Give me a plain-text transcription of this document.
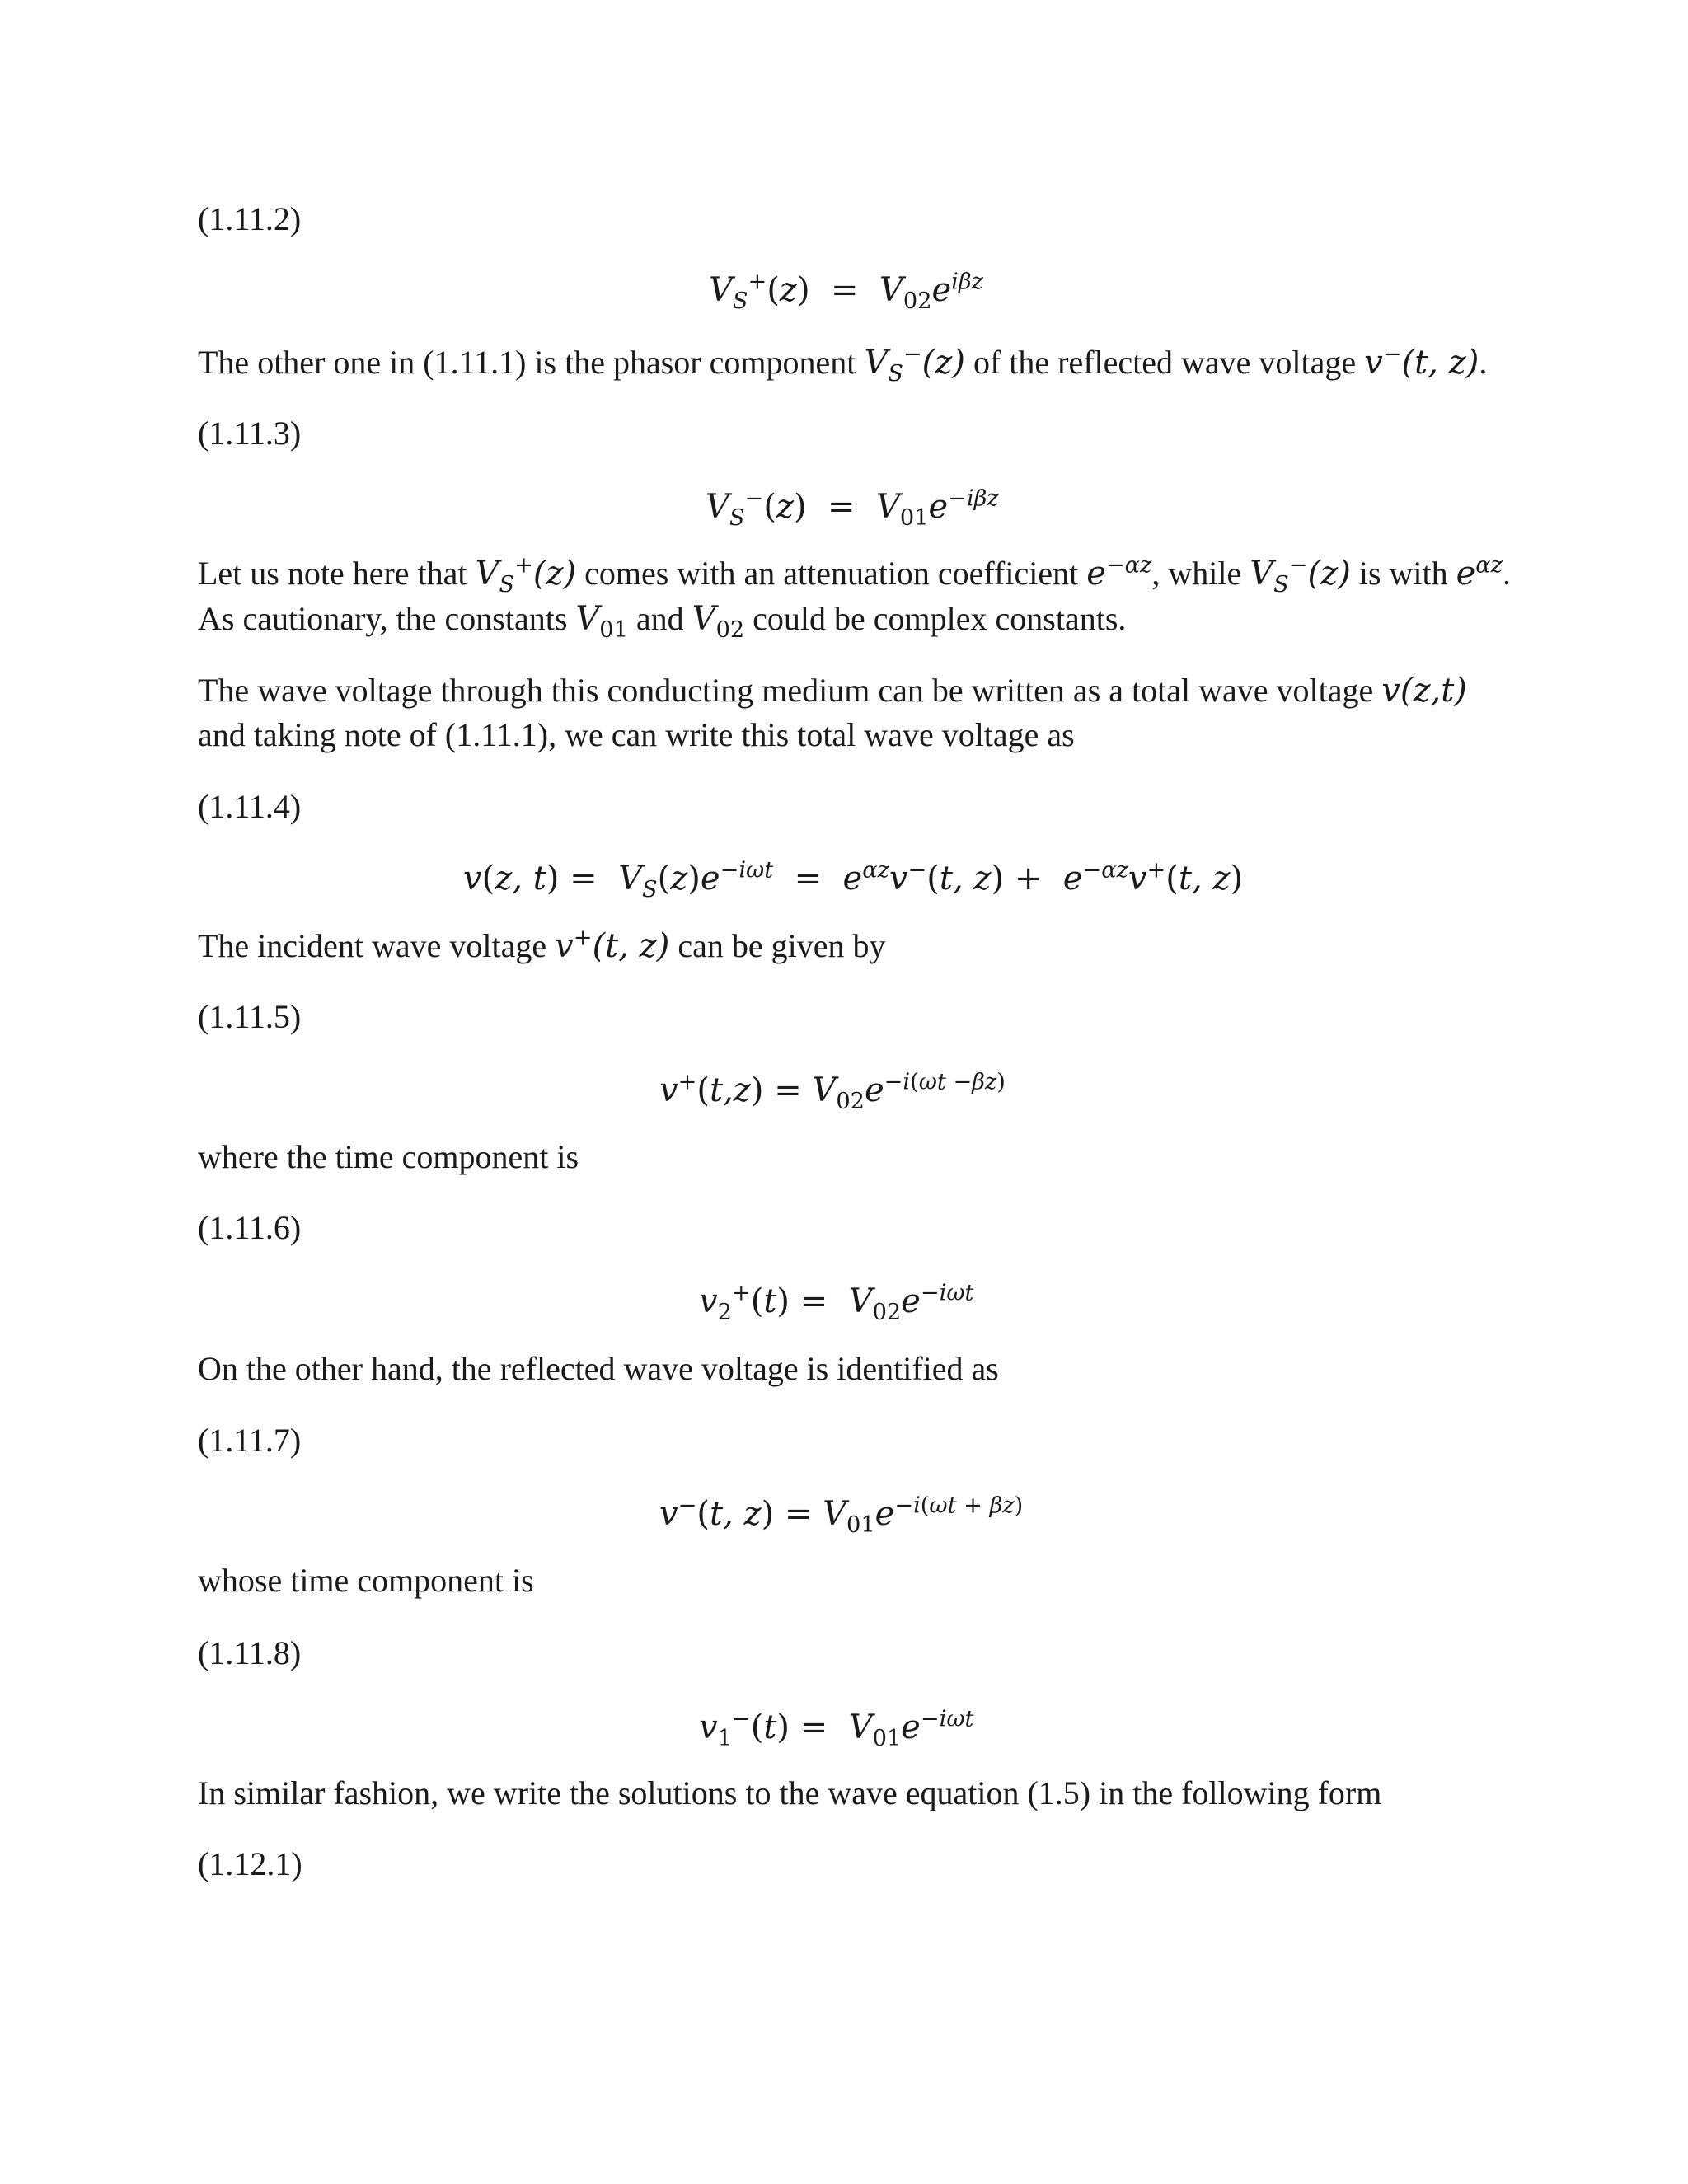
(1.11.2)
$V_S^+(z) = V_{02}e^{i\beta z}$
The other one in (1.11.1) is the phasor component $V_S^-(z)$ of the reflected wave voltage v−(t, z).
(1.11.3)
$V_S^-(z) = V_{01}e^{-i\beta z}$
Let us note here that $V_S^+(z)$ comes with an attenuation coefficient $e^{-\alpha z}$, while $V_S^-(z)$ is with $e^{\alpha z}$.
As cautionary, the constants $V_{01}$ and $V_{02}$ could be complex constants.
The wave voltage through this conducting medium can be written as a total wave voltage v(z,t)
and taking note of (1.11.1), we can write this total wave voltage as
(1.11.4)
v(z, $t) = V_S(z)e^{-i\omega t} = e^{\alpha z}v^-(t$, $z) + e^{-\alpha z}v^+(t$, z)
The incident wave voltage v+(t, z) can be given by
(1.11.5)
$v^+(t,z) = V_{02}e^{-i(\omega t -\beta z)}$
where the time component is
(1.11.6)
$v_2^+(t) = V_{02}e^{-i\omega t}$
On the other hand, the reflected wave voltage is identified as
(1.11.7)
v−(t, $z) = V_{01}e^{-i(\omega t + \beta z)}$
whose time component is
(1.11.8)
$v_1^-(t) = V_{01}e^{-i\omega t}$
In similar fashion, we write the solutions to the wave equation (1.5) in the following form
(1.12.1)
